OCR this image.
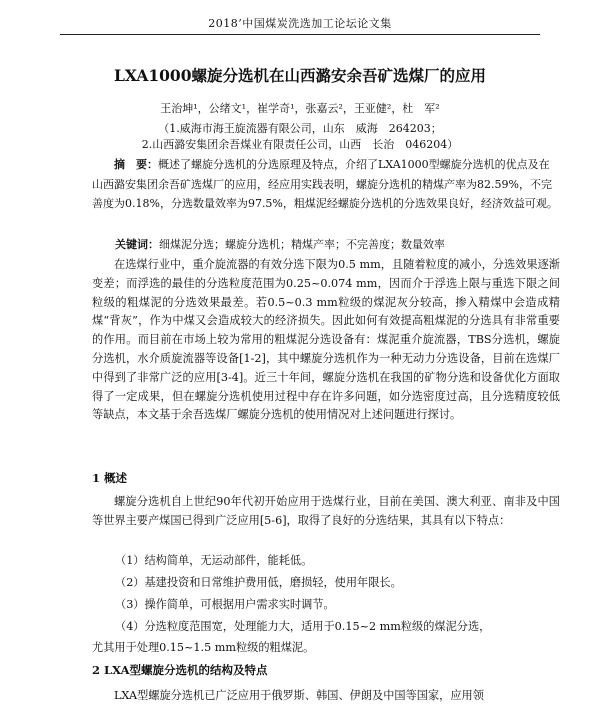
2018’中国煤炭洗选加工论坛论文集
LXA1000螺旋分选机在山西潞安余吾矿选煤厂的应用
王治坤¹，公绪文¹，崔学奇¹，张嘉云²，王亚健²，杜　军²
（1.威海市海王旋流器有限公司，山东　威海　264203；
2.山西潞安集团余吾煤业有限责任公司，山西　长治　046204）
摘　要：概述了螺旋分选机的分选原理及特点，介绍了LXA1000型螺旋分选机的优点及在山西潞安集团余吾矿选煤厂的应用，经应用实践表明，螺旋分选机的精煤产率为82.59%，不完善度为0.18%，分选数量效率为97.5%，粗煤泥经螺旋分选机的分选效果良好，经济效益可观。
关键词：细煤泥分选；螺旋分选机；精煤产率；不完善度；数量效率
在选煤行业中，重介旋流器的有效分选下限为0.5 mm，且随着粒度的减小，分选效果逐渐变差；而浮选的最佳的分选粒度范围为0.25~0.074 mm，因而介于浮选上限与重选下限之间粒级的粗煤泥的分选效果最差。若0.5~0.3 mm粒级的煤泥灰分较高，掺入精煤中会造成精煤“背灰”，作为中煤又会造成较大的经济损失。因此如何有效提高粗煤泥的分选具有非常重要的作用。而目前在市场上较为常用的粗煤泥分选设备有：煤泥重介旋流器，TBS分选机，螺旋分选机，水介质旋流器等设备[1-2]，其中螺旋分选机作为一种无动力分选设备，目前在选煤厂中得到了非常广泛的应用[3-4]。近三十年间，螺旋分选机在我国的矿物分选和设备优化方面取得了一定成果，但在螺旋分选机使用过程中存在许多问题，如分选密度过高，且分选精度较低等缺点，本文基于余吾选煤厂螺旋分选机的使用情况对上述问题进行探讨。
1 概述
螺旋分选机自上世纪90年代初开始应用于选煤行业，目前在美国、澳大利亚、南非及中国等世界主要产煤国已得到广泛应用[5-6]，取得了良好的分选结果，其具有以下特点：
（1）结构简单，无运动部件，能耗低。
（2）基建投资和日常维护费用低，磨损轻，使用年限长。
（3）操作简单，可根据用户需求实时调节。
（4）分选粒度范围宽，处理能力大，适用于0.15~2 mm粒级的煤泥分选，
尤其用于处理0.15~1.5 mm粒级的粗煤泥。
2 LXA型螺旋分选机的结构及特点
LXA型螺旋分选机已广泛应用于俄罗斯、韩国、伊朗及中国等国家，应用领
